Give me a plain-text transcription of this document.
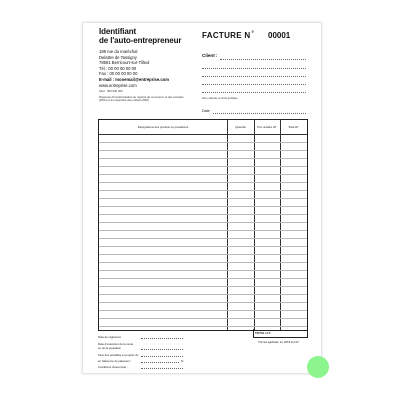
Identifiant
de l'auto-entrepreneur
189 rue du maréchal
Delattre de Tassigny
78591 Berricourt-sur-Tilleul
Tél : 00 00 00 00 00
Fax : 00 00 00 00 00
E-mail : monemail@entreprise.com
www.entreprise.com
Siret : 000 000 000
Dispensé d'immatriculation au registre du commerce et des sociétés (RSC) et au répertoire des métiers (RM)
FACTURE N° 00001
Client :
Nom, adresse et forme juridique
Date
Désignations des produits ou prestations	Quantité	Prix unitaire HT	Total HT
TOTAL H.T.
TVA non applicable, art. 293 B du CGI
Date de règlement
Date d'exécution de la vente
ou de la prestation
Taux des pénalités à compter du
en l'absence de paiement :	%
Conditions d'escompte :
